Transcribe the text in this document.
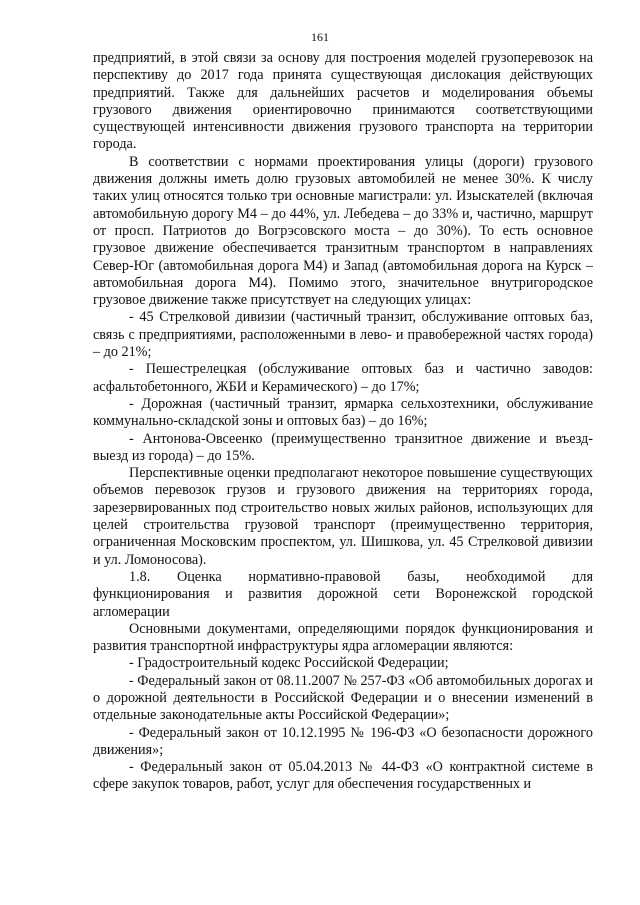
161

предприятий, в этой связи за основу для построения моделей грузоперевозок на перспективу до 2017 года принята существующая дислокация действующих предприятий. Также для дальнейших расчетов и моделирования объемы грузового движения ориентировочно принимаются соответствующими существующей интенсивности движения грузового транспорта на территории города.

В соответствии с нормами проектирования улицы (дороги) грузового движения должны иметь долю грузовых автомобилей не менее 30%. К числу таких улиц относятся только три основные магистрали: ул. Изыскателей (включая автомобильную дорогу М4 – до 44%, ул. Лебедева – до 33% и, частично, маршрут от просп. Патриотов до Вогрэсовского моста – до 30%). То есть основное грузовое движение обеспечивается транзитным транспортом в направлениях Север-Юг (автомобильная дорога М4) и Запад (автомобильная дорога на Курск – автомобильная дорога М4). Помимо этого, значительное внутригородское грузовое движение также присутствует на следующих улицах:

- 45 Стрелковой дивизии (частичный транзит, обслуживание оптовых баз, связь с предприятиями, расположенными в лево- и правобережной частях города) – до 21%;

- Пешестрелецкая (обслуживание оптовых баз и частично заводов: асфальтобетонного, ЖБИ и Керамического) – до 17%;

- Дорожная (частичный транзит, ярмарка сельхозтехники, обслуживание коммунально-складской зоны и оптовых баз) – до 16%;

- Антонова-Овсеенко (преимущественно транзитное движение и въезд-выезд из города) – до 15%.

Перспективные оценки предполагают некоторое повышение существующих объемов перевозок грузов и грузового движения на территориях города, зарезервированных под строительство новых жилых районов, использующих для целей строительства грузовой транспорт (преимущественно территория, ограниченная Московским проспектом, ул. Шишкова, ул. 45 Стрелковой дивизии и ул. Ломоносова).

1.8. Оценка нормативно-правовой базы, необходимой для функционирования и развития дорожной сети Воронежской городской агломерации

Основными документами, определяющими порядок функционирования и развития транспортной инфраструктуры ядра агломерации являются:

- Градостроительный кодекс Российской Федерации;

- Федеральный закон от 08.11.2007 № 257-ФЗ «Об автомобильных дорогах и о дорожной деятельности в Российской Федерации и о внесении изменений в отдельные законодательные акты Российской Федерации»;

- Федеральный закон от 10.12.1995 № 196-ФЗ «О безопасности дорожного движения»;

- Федеральный закон от 05.04.2013 № 44-ФЗ «О контрактной системе в сфере закупок товаров, работ, услуг для обеспечения государственных и
